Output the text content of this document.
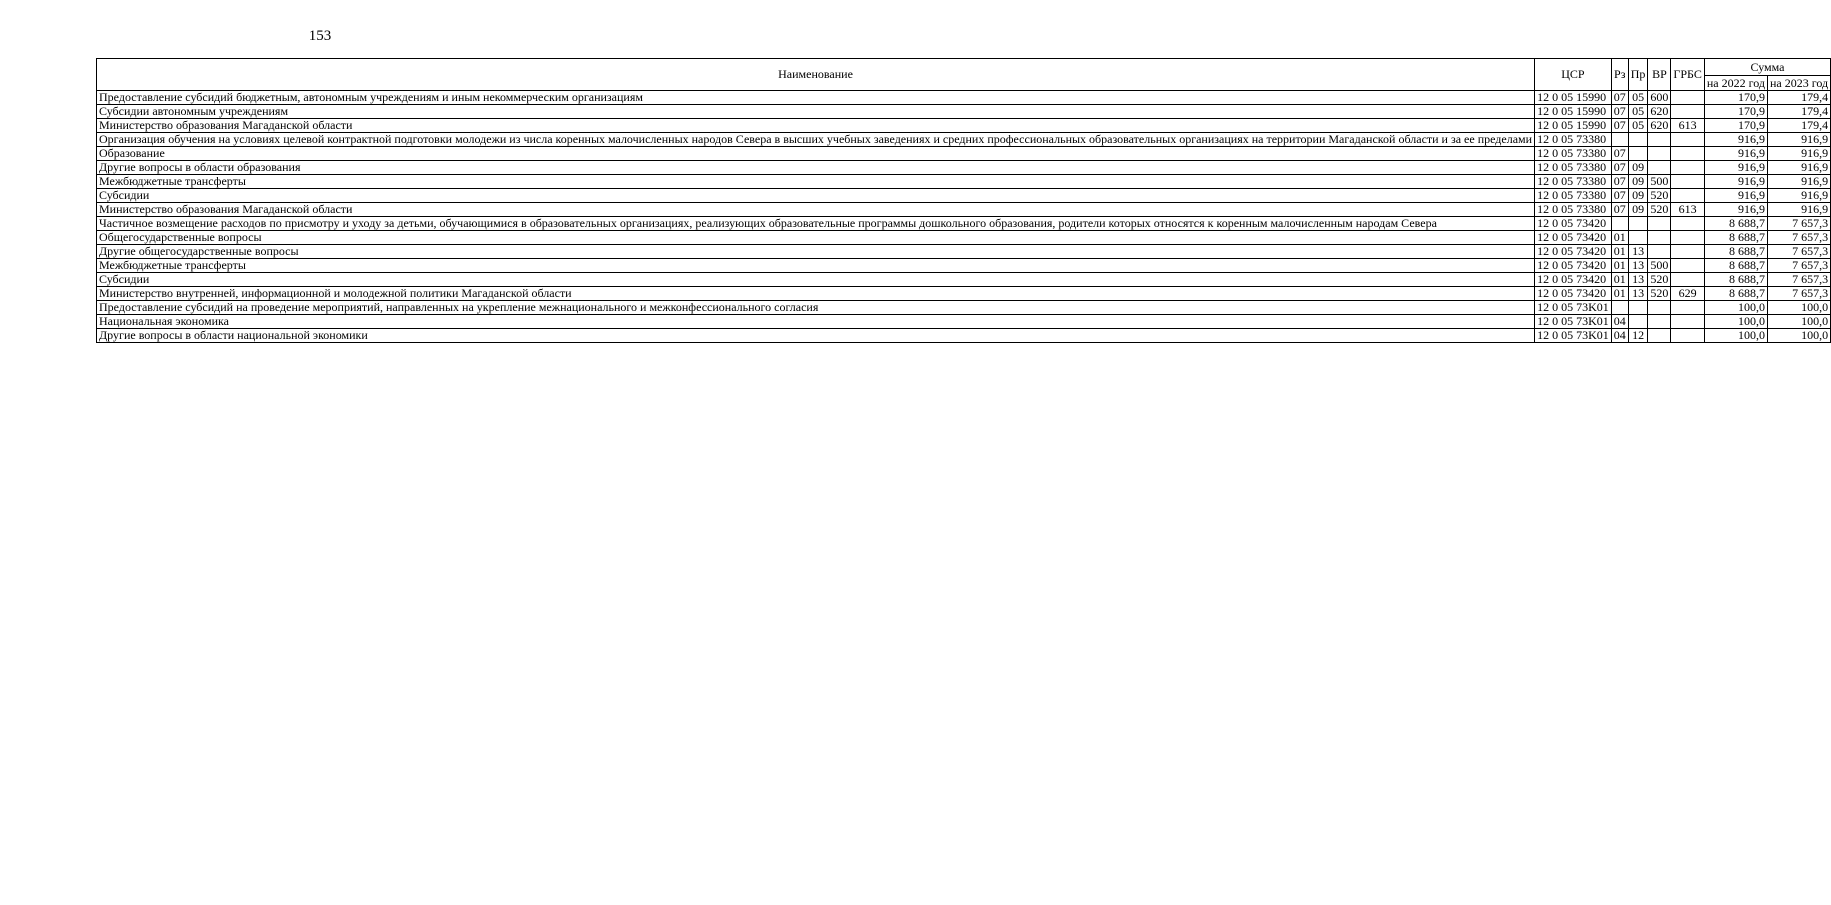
153
Наименование	ЦСР	Рз	Пр	ВР	ГРБС	Сумма	
						на 2022 год	на 2023 год
Предоставление субсидий бюджетным, автономным учреждениям и иным некоммерческим организациям	12 0 05 15990	07	05	600		170,9	179,4
Субсидии автономным учреждениям	12 0 05 15990	07	05	620		170,9	179,4
Министерство образования Магаданской области	12 0 05 15990	07	05	620	613	170,9	179,4
Организация обучения на условиях целевой контрактной подготовки молодежи из числа коренных малочисленных народов Севера в высших учебных заведениях и средних профессиональных образовательных организациях на территории Магаданской области и за ее пределами	12 0 05 73380					916,9	916,9
Образование	12 0 05 73380	07				916,9	916,9
Другие вопросы в области образования	12 0 05 73380	07	09			916,9	916,9
Межбюджетные трансферты	12 0 05 73380	07	09	500		916,9	916,9
Субсидии	12 0 05 73380	07	09	520		916,9	916,9
Министерство образования Магаданской области	12 0 05 73380	07	09	520	613	916,9	916,9
Частичное возмещение расходов по присмотру и уходу за детьми, обучающимися в образовательных организациях, реализующих образовательные программы дошкольного образования, родители которых относятся к коренным малочисленным народам Севера	12 0 05 73420					8 688,7	7 657,3
Общегосударственные вопросы	12 0 05 73420	01				8 688,7	7 657,3
Другие общегосударственные вопросы	12 0 05 73420	01	13			8 688,7	7 657,3
Межбюджетные трансферты	12 0 05 73420	01	13	500		8 688,7	7 657,3
Субсидии	12 0 05 73420	01	13	520		8 688,7	7 657,3
Министерство внутренней, информационной и молодежной политики Магаданской области	12 0 05 73420	01	13	520	629	8 688,7	7 657,3
Предоставление субсидий на проведение мероприятий, направленных на укрепление межнационального и межконфессионального согласия	12 0 05 73K01					100,0	100,0
Национальная экономика	12 0 05 73K01	04				100,0	100,0
Другие вопросы в области национальной экономики	12 0 05 73K01	04	12			100,0	100,0
